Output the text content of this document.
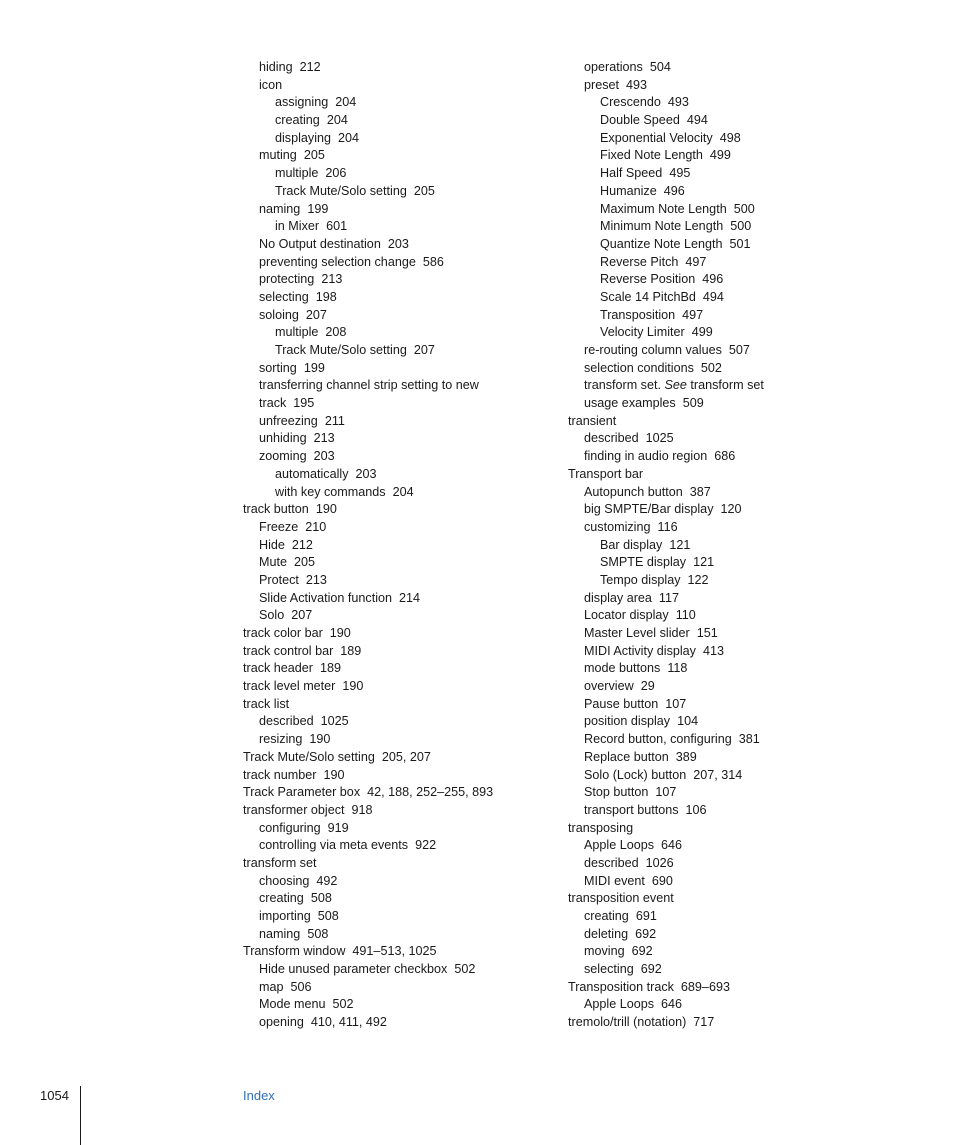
hiding 212
icon
assigning 204
creating 204
displaying 204
muting 205
multiple 206
Track Mute/Solo setting 205
naming 199
in Mixer 601
No Output destination 203
preventing selection change 586
protecting 213
selecting 198
soloing 207
multiple 208
Track Mute/Solo setting 207
sorting 199
transferring channel strip setting to new
track 195
unfreezing 211
unhiding 213
zooming 203
automatically 203
with key commands 204
track button 190
Freeze 210
Hide 212
Mute 205
Protect 213
Slide Activation function 214
Solo 207
track color bar 190
track control bar 189
track header 189
track level meter 190
track list
described 1025
resizing 190
Track Mute/Solo setting 205, 207
track number 190
Track Parameter box 42, 188, 252–255, 893
transformer object 918
configuring 919
controlling via meta events 922
transform set
choosing 492
creating 508
importing 508
naming 508
Transform window 491–513, 1025
Hide unused parameter checkbox 502
map 506
Mode menu 502
opening 410, 411, 492
operations 504
preset 493
Crescendo 493
Double Speed 494
Exponential Velocity 498
Fixed Note Length 499
Half Speed 495
Humanize 496
Maximum Note Length 500
Minimum Note Length 500
Quantize Note Length 501
Reverse Pitch 497
Reverse Position 496
Scale 14 PitchBd 494
Transposition 497
Velocity Limiter 499
re-routing column values 507
selection conditions 502
transform set. See transform set
usage examples 509
transient
described 1025
finding in audio region 686
Transport bar
Autopunch button 387
big SMPTE/Bar display 120
customizing 116
Bar display 121
SMPTE display 121
Tempo display 122
display area 117
Locator display 110
Master Level slider 151
MIDI Activity display 413
mode buttons 118
overview 29
Pause button 107
position display 104
Record button, configuring 381
Replace button 389
Solo (Lock) button 207, 314
Stop button 107
transport buttons 106
transposing
Apple Loops 646
described 1026
MIDI event 690
transposition event
creating 691
deleting 692
moving 692
selecting 692
Transposition track 689–693
Apple Loops 646
tremolo/trill (notation) 717
1054	Index
